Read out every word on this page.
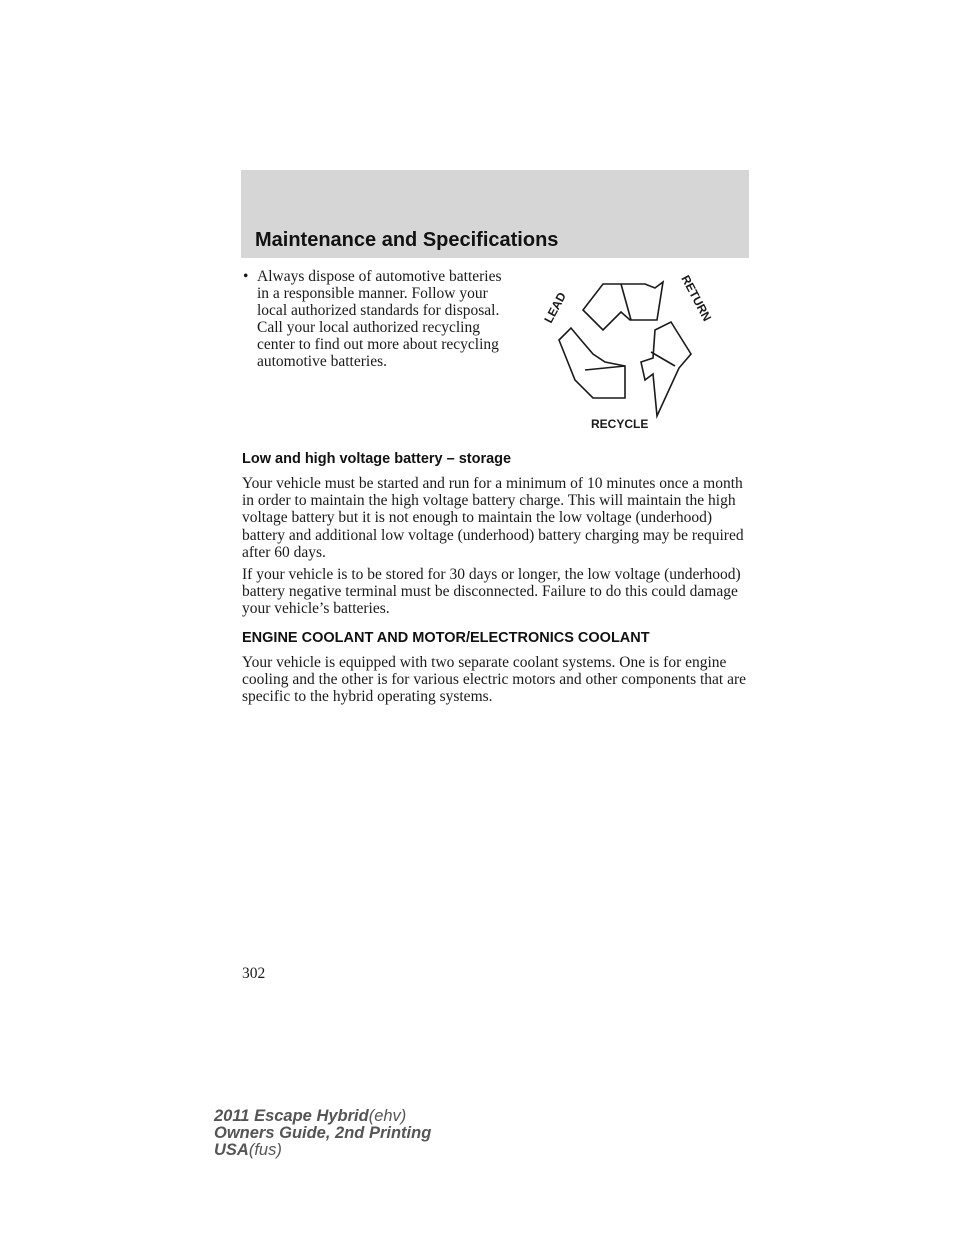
Maintenance and Specifications
• Always dispose of automotive batteries in a responsible manner. Follow your local authorized standards for disposal. Call your local authorized recycling center to find out more about recycling automotive batteries.
LEAD	RETURN
RECYCLE
Low and high voltage battery – storage
Your vehicle must be started and run for a minimum of 10 minutes once a month in order to maintain the high voltage battery charge. This will maintain the high voltage battery but it is not enough to maintain the low voltage (underhood) battery and additional low voltage (underhood) battery charging may be required after 60 days.
If your vehicle is to be stored for 30 days or longer, the low voltage (underhood) battery negative terminal must be disconnected. Failure to do this could damage your vehicle’s batteries.
ENGINE COOLANT AND MOTOR/ELECTRONICS COOLANT
Your vehicle is equipped with two separate coolant systems. One is for engine cooling and the other is for various electric motors and other components that are specific to the hybrid operating systems.
302
2011 Escape Hybrid(ehv)
Owners Guide, 2nd Printing
USA(fus)
